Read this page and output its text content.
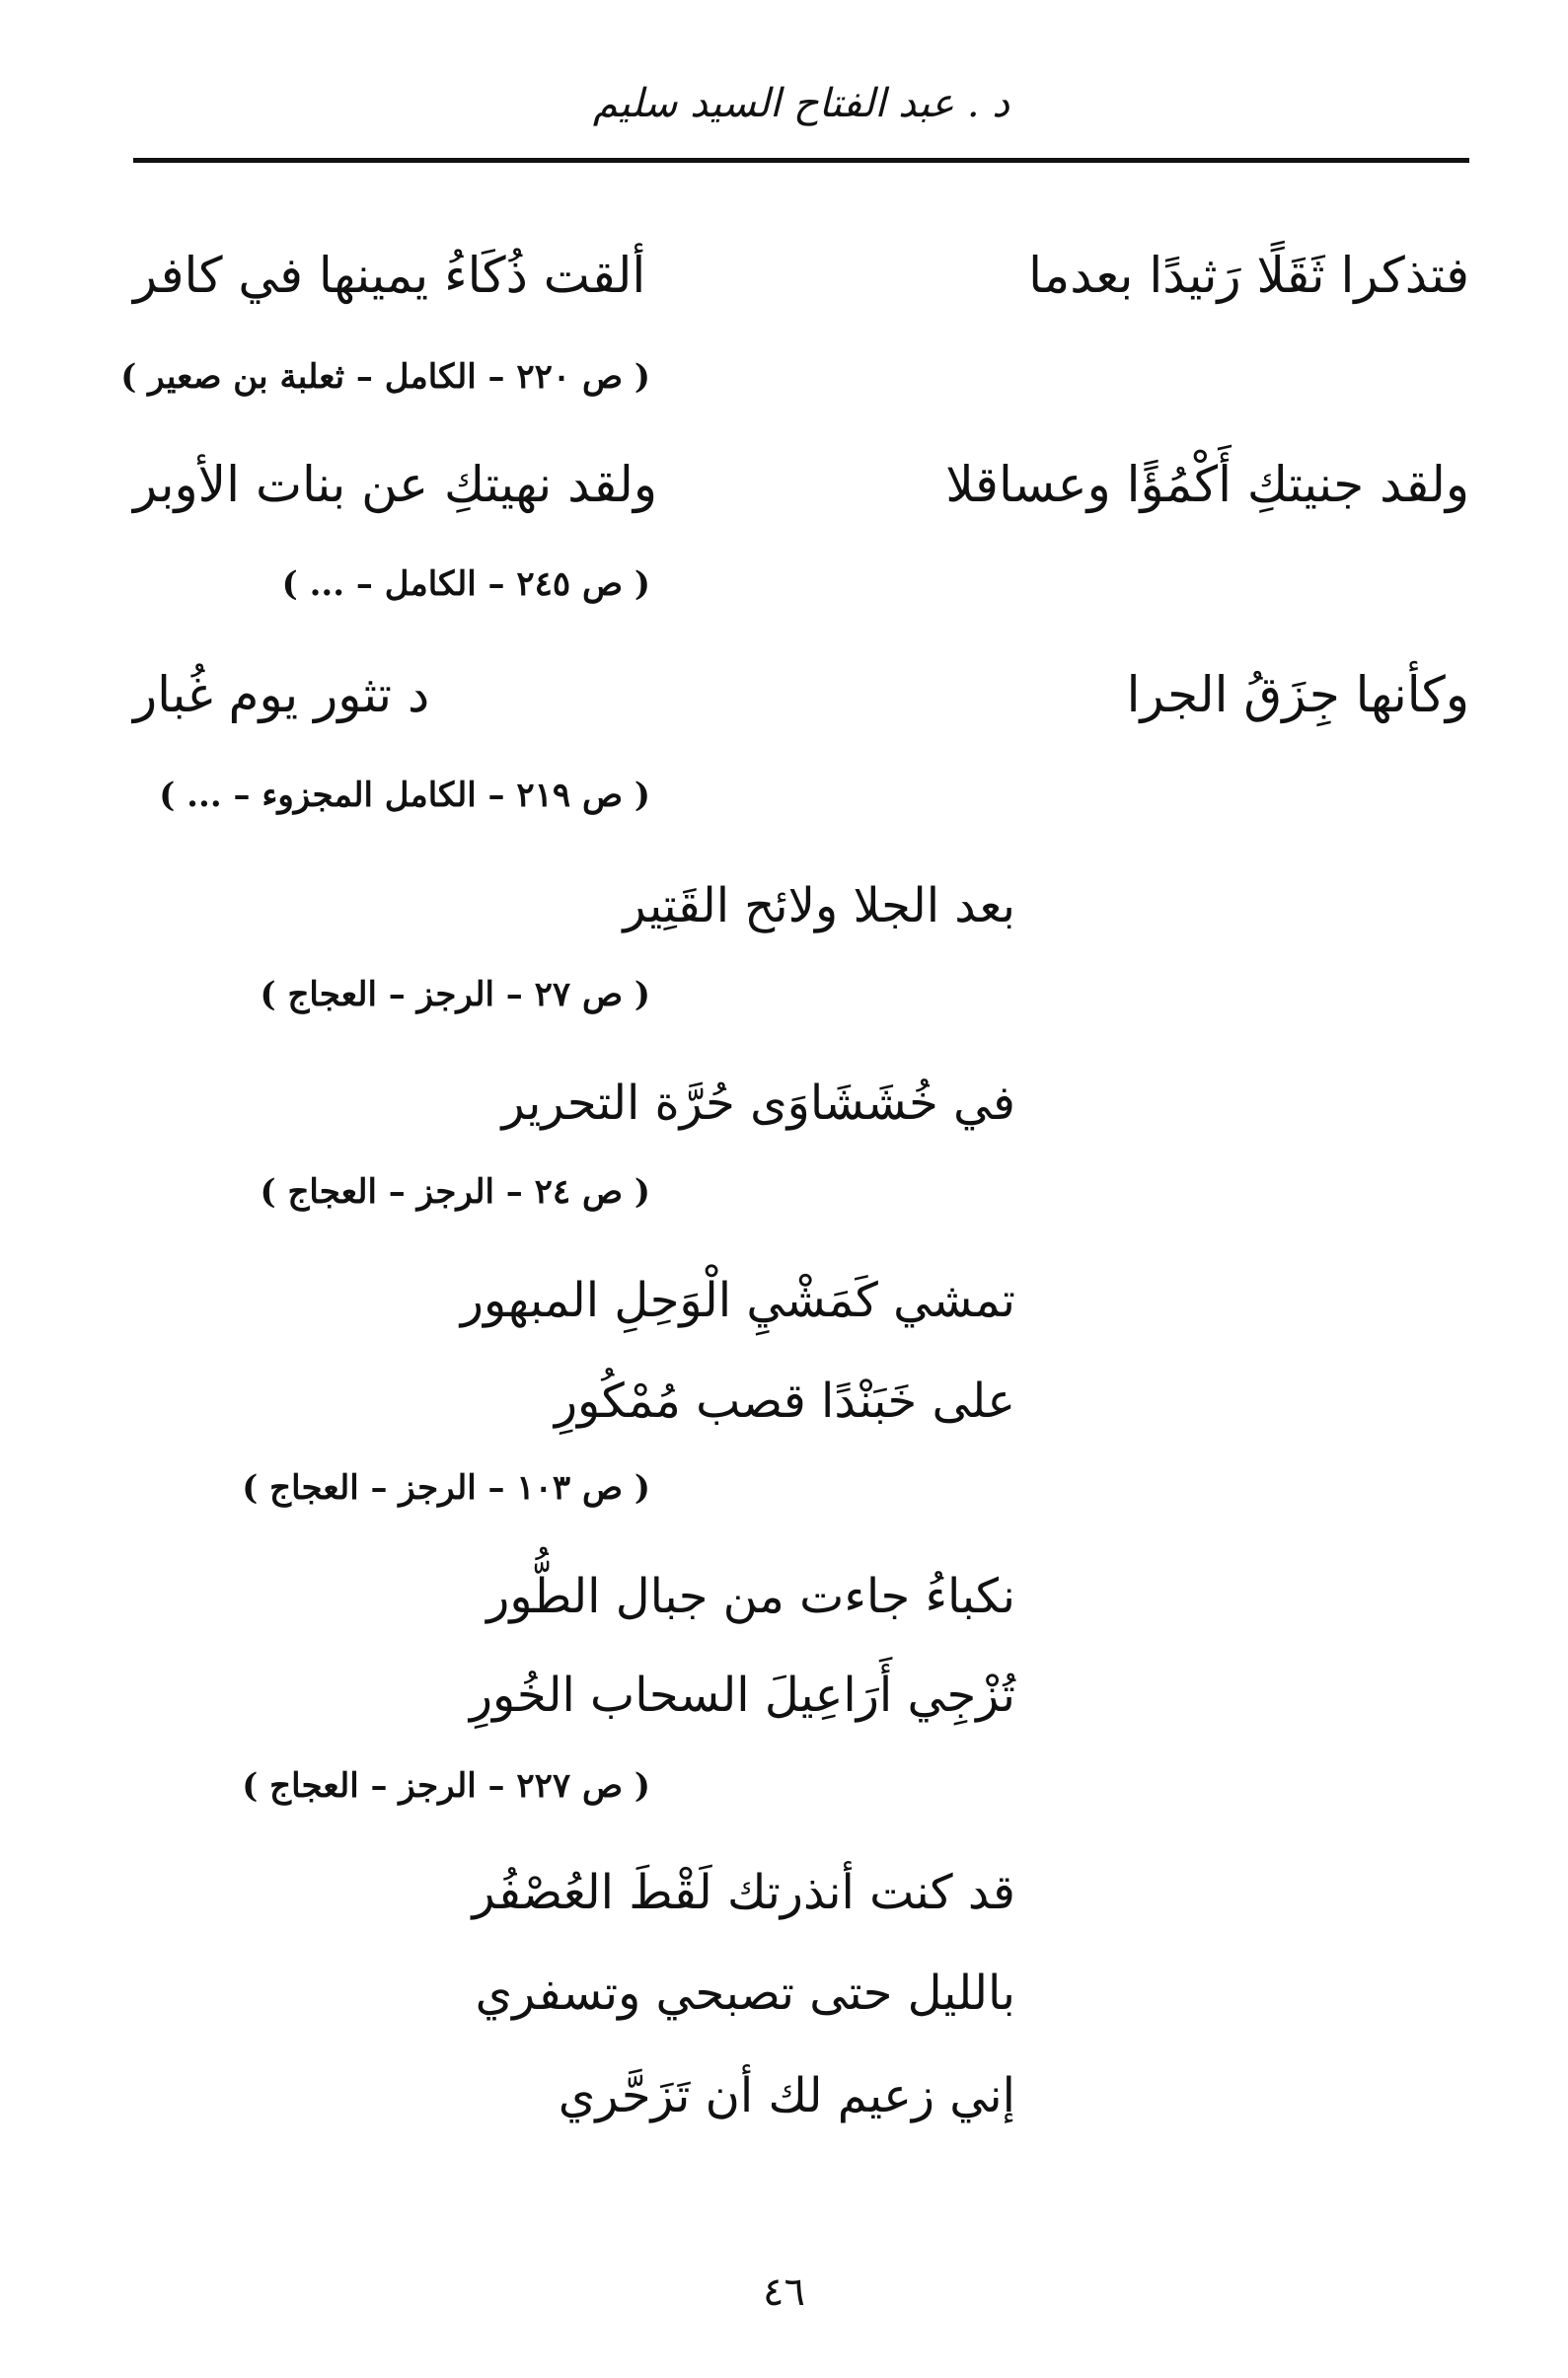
د . عبد الفتاح السيد سليم
فتذكرا ثَقَلًا رَثيدًا بعدما
ألقت ذُكَاءُ يمينها في كافر
( ص ٢٢٠ – الكامل – ثعلبة بن صعير )
ولقد جنيتكِ أَكْمُؤًا وعساقلا
ولقد نهيتكِ عن بنات الأوبر
( ص ٢٤٥ – الكامل – ... )
وكأنها جِزَقُ الجرا
د تثور يوم غُبار
( ص ٢١٩ – الكامل المجزوء – ... )
بعد الجلا ولائح القَتِير
( ص ٢٧ – الرجز – العجاج )
في خُشَشَاوَى حُرَّة التحرير
( ص ٢٤ – الرجز – العجاج )
تمشي كَمَشْيِ الْوَحِلِ المبهور
على خَبَنْدًا قصب مُمْكُورِ
( ص ١٠٣ – الرجز – العجاج )
نكباءُ جاءت من جبال الطُّور
تُزْجِي أَرَاعِيلَ السحاب الخُورِ
( ص ٢٢٧ – الرجز – العجاج )
قد كنت أنذرتك لَقْطَ العُصْفُر
بالليل حتى تصبحي وتسفري
إني زعيم لك أن تَزَحَّري
٤٦
